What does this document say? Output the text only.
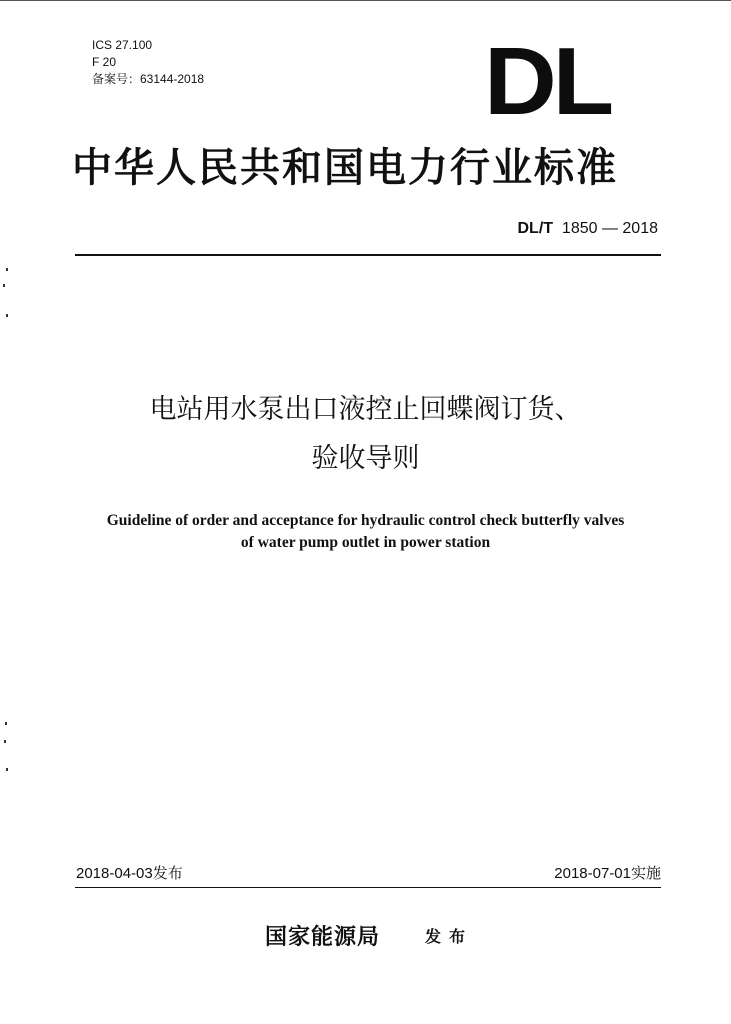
ICS 27.100
F 20
备案号：63144-2018	DL
中华人民共和国电力行业标准
DL/T 1850 — 2018
电站用水泵出口液控止回蝶阀订货、
验收导则
Guideline of order and acceptance for hydraulic control check butterfly valves
of water pump outlet in power station
2018-04-03发布	2018-07-01实施
国家能源局	发布
